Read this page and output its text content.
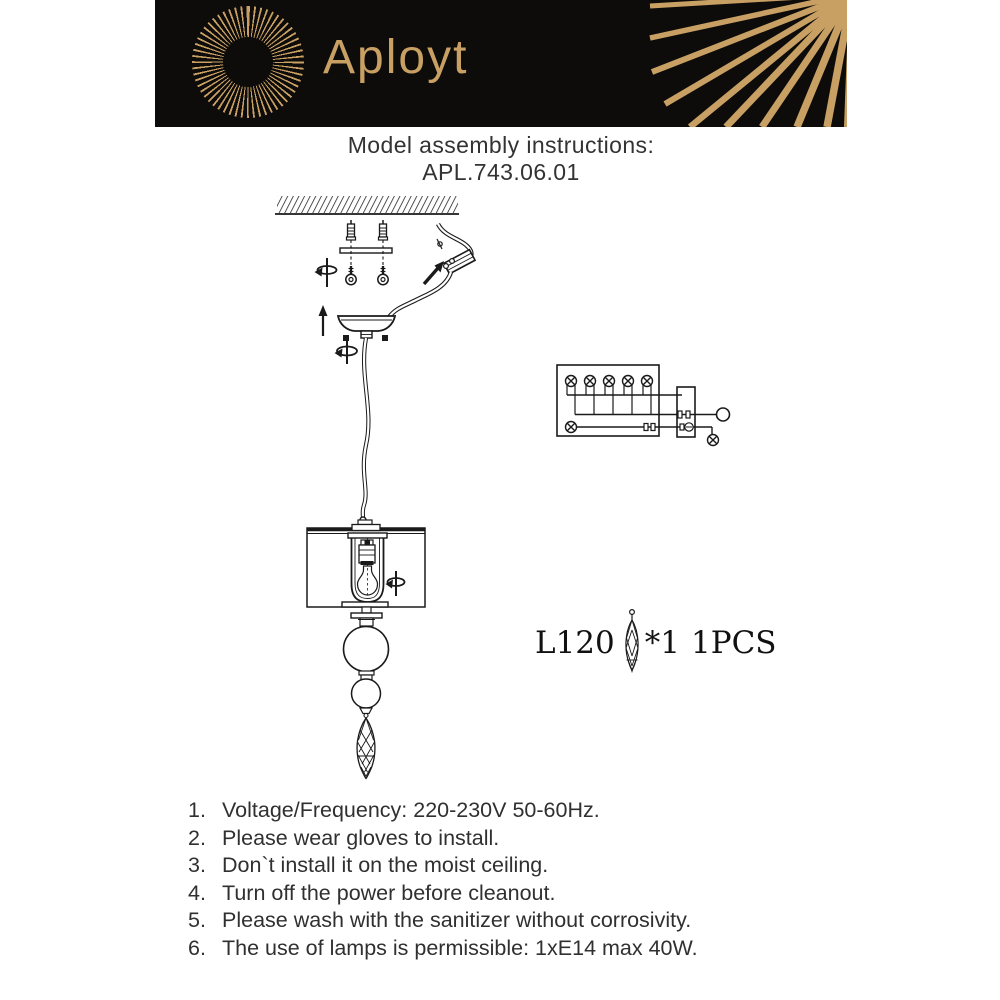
Aployt
Model assembly instructions:
APL.743.06.01
L120 *1 1PCS
1. Voltage/Frequency: 220-230V 50-60Hz.
2. Please wear gloves to install.
3. Don`t install it on the moist ceiling.
4. Turn off the power before cleanout.
5. Please wash with the sanitizer without corrosivity.
6. The use of lamps is permissible: 1xE14 max 40W.
